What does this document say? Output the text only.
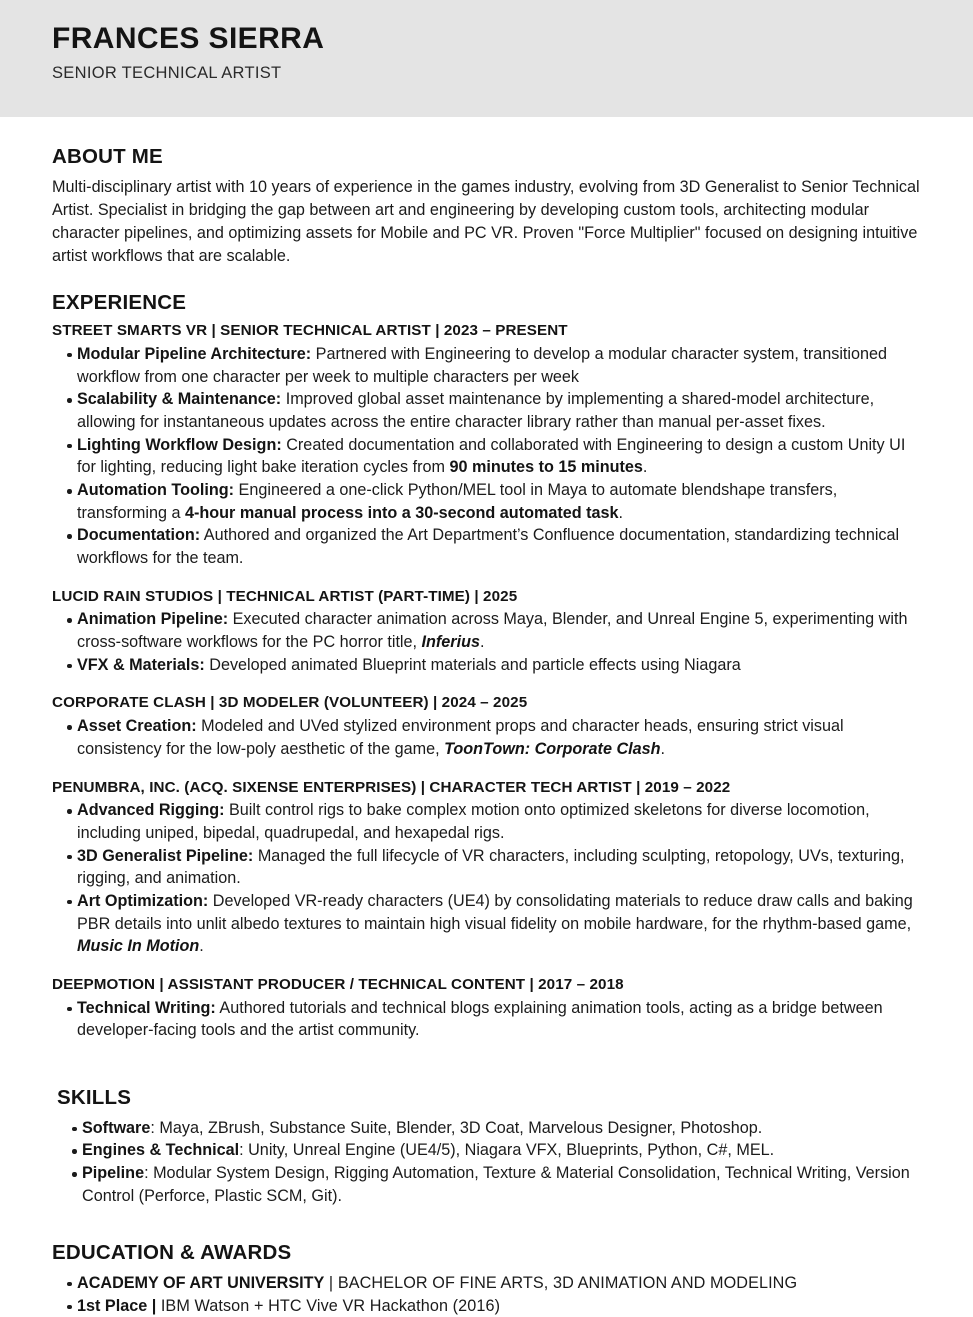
FRANCES SIERRA
SENIOR TECHNICAL ARTIST
ABOUT ME

Multi-disciplinary artist with 10 years of experience in the games industry, evolving from 3D Generalist to Senior Technical Artist. Specialist in bridging the gap between art and engineering by developing custom tools, architecting modular character pipelines, and optimizing assets for Mobile and PC VR. Proven "Force Multiplier" focused on designing intuitive artist workflows that are scalable.

EXPERIENCE
STREET SMARTS VR | SENIOR TECHNICAL ARTIST | 2023 – PRESENT
Modular Pipeline Architecture: Partnered with Engineering to develop a modular character system, transitioned workflow from one character per week to multiple characters per week
Scalability & Maintenance: Improved global asset maintenance by implementing a shared-model architecture, allowing for instantaneous updates across the entire character library rather than manual per-asset fixes.
Lighting Workflow Design: Created documentation and collaborated with Engineering to design a custom Unity UI for lighting, reducing light bake iteration cycles from 90 minutes to 15 minutes.
Automation Tooling: Engineered a one-click Python/MEL tool in Maya to automate blendshape transfers, transforming a 4-hour manual process into a 30-second automated task.
Documentation: Authored and organized the Art Department’s Confluence documentation, standardizing technical workflows for the team.
LUCID RAIN STUDIOS | TECHNICAL ARTIST (PART-TIME) | 2025
Animation Pipeline: Executed character animation across Maya, Blender, and Unreal Engine 5, experimenting with cross-software workflows for the PC horror title, Inferius.
VFX & Materials: Developed animated Blueprint materials and particle effects using Niagara
CORPORATE CLASH | 3D MODELER (VOLUNTEER) | 2024 – 2025
Asset Creation: Modeled and UVed stylized environment props and character heads, ensuring strict visual consistency for the low-poly aesthetic of the game, ToonTown: Corporate Clash.
PENUMBRA, INC. (ACQ. SIXENSE ENTERPRISES) | CHARACTER TECH ARTIST | 2019 – 2022
Advanced Rigging: Built control rigs to bake complex motion onto optimized skeletons for diverse locomotion, including uniped, bipedal, quadrupedal, and hexapedal rigs.
3D Generalist Pipeline: Managed the full lifecycle of VR characters, including sculpting, retopology, UVs, texturing, rigging, and animation.
Art Optimization: Developed VR-ready characters (UE4) by consolidating materials to reduce draw calls and baking PBR details into unlit albedo textures to maintain high visual fidelity on mobile hardware, for the rhythm-based game, Music In Motion.
DEEPMOTION | ASSISTANT PRODUCER / TECHNICAL CONTENT | 2017 – 2018
Technical Writing: Authored tutorials and technical blogs explaining animation tools, acting as a bridge between developer-facing tools and the artist community.
SKILLS
Software: Maya, ZBrush, Substance Suite, Blender, 3D Coat, Marvelous Designer, Photoshop.
Engines & Technical: Unity, Unreal Engine (UE4/5), Niagara VFX, Blueprints, Python, C#, MEL.
Pipeline: Modular System Design, Rigging Automation, Texture & Material Consolidation, Technical Writing, Version Control (Perforce, Plastic SCM, Git).
EDUCATION & AWARDS
ACADEMY OF ART UNIVERSITY | BACHELOR OF FINE ARTS, 3D ANIMATION AND MODELING
1st Place | IBM Watson + HTC Vive VR Hackathon (2016)
